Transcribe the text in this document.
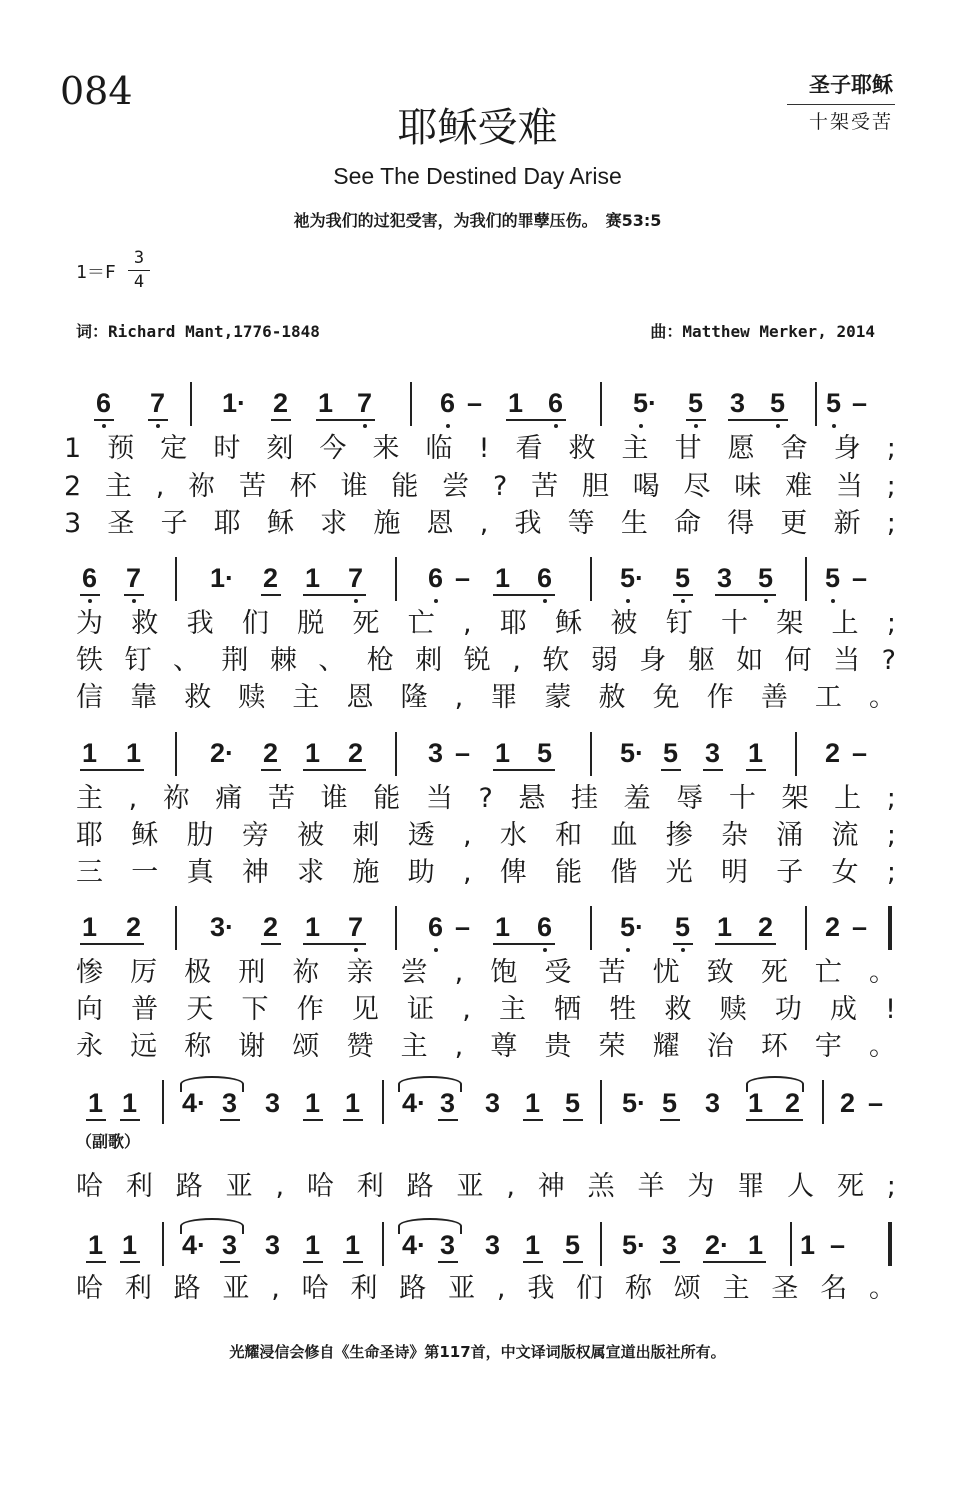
084	圣子耶稣
十架受苦
耶稣受难
See The Destined Day Arise
祂为我们的过犯受害，为我们的罪孽压伤。　赛53:5
1＝F
3
4
词：Richard Mant,1776-1848	曲：Matthew Merker, 2014
6 7 1· 2 1 7	6 – 1 6	5· 5 3 5 5 –
1 预 定 时 刻 今 来 临 ! 看 救 主 甘 愿 舍 身 ;
2 主 , 祢 苦 杯 谁 能 尝 ? 苦 胆 喝 尽 味 难 当 ;
3 圣 子 耶 稣 求 施 恩 , 我 等 生 命 得 更 新 ;
6 7	1· 2 1 7 6 – 1 6	5· 5 3 5 5 –
为 救 我 们 脱 死 亡 , 耶 稣 被 钉 十 架 上 ;
铁 钉 、 荆 棘 、 枪 刺 锐 , 软 弱 身 躯 如 何 当 ?
信 靠 救 赎 主 恩 隆 , 罪 蒙 赦 免 作 善 工 。
1 1	2· 2 1 2 3 – 1 5	5· 5 3 1 2 –
主 , 祢 痛 苦 谁 能 当 ? 悬 挂 羞 辱 十 架 上 ;
耶 稣 肋 旁 被 刺 透 , 水 和 血 掺 杂 涌 流 ;
三 一 真 神 求 施 助 , 俾 能 偕 光 明 子 女 ;
1 2	3· 2 1 7 6 – 1 6	5· 5 1 2 2 –
惨 厉 极 刑 祢 亲 尝 , 饱 受 苦 忧 致 死 亡 。
向 普 天 下 作 见 证 , 主 牺 牲 救 赎 功 成 !
永 远 称 谢 颂 赞 主 , 尊 贵 荣 耀 治 环 宇 。
1 1 4· 3 3 1 1 4· 3 3 1 5 5· 5 3 1 2 2 –
哈 利 路 亚 , 哈 利 路 亚 , 神 羔 羊 为 罪 人 死 ;
1 1 4· 3 3 1 1 4· 3 3 1 5 5· 3 2· 1 1 –
哈 利 路 亚 , 哈 利 路 亚 , 我 们 称 颂 主 圣 名 。
（副歌）
光耀浸信会修自《生命圣诗》第117首，中文译词版权属宣道出版社所有。
